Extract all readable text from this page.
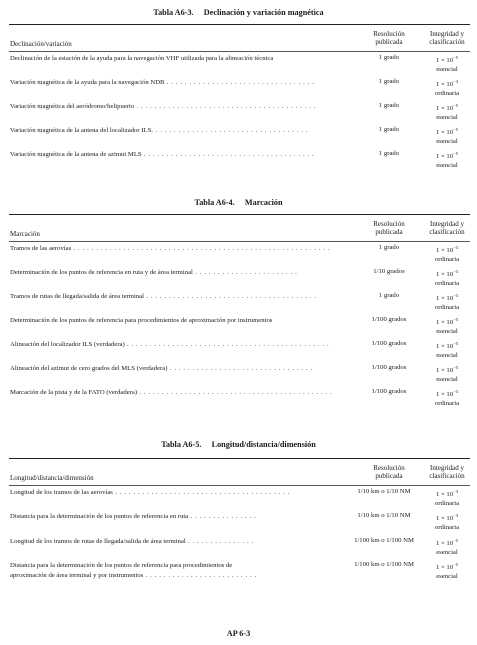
Tabla A6-3.     Declinación y variación magnética
Declinación/variación
Resolución
publicada
Integridad y
clasificación
Declinación de la estación de la ayuda para la navegación VHF utilizada para la alineación técnica	1 grado	$1 \times 10^{-5}$
esencial
Variación magnética de la ayuda para la navegación NDB . . . . . . . . . . . . . . . . . . . . . . . . . . . . . . . . .	1 grado	$1 \times 10^{-3}$
ordinaria
Variación magnética del aeródromo/helipuerto . . . . . . . . . . . . . . . . . . . . . . . . . . . . . . . . . . . . . . . .	1 grado	$1 \times 10^{-5}$
esencial
Variación magnética de la antena del localizador ILS. . . . . . . . . . . . . . . . . . . . . . . . . . . . . . . . . . .	1 grado	$1 \times 10^{-5}$
esencial
Variación magnética de la antena de azimut MLS . . . . . . . . . . . . . . . . . . . . . . . . . . . . . . . . . . . . . .	1 grado	$1 \times 10^{-5}$
esencial
Tabla A6-4.     Marcación
Marcación
Resolución
publicada
Integridad y
clasificación
Tramos de las aerovías . . . . . . . . . . . . . . . . . . . . . . . . . . . . . . . . . . . . . . . . . . . . . . . . . . . . . . . . .	1 grado	$1 \times 10^{-3}$
ordinaria
Determinación de los puntos de referencia en ruta y de área terminal . . . . . . . . . . . . . . . . . . . . . . .	1/10 grados	$1 \times 10^{-3}$
ordinaria
Tramos de rutas de llegada/salida de área terminal . . . . . . . . . . . . . . . . . . . . . . . . . . . . . . . . . . . . . .	1 grado	$1 \times 10^{-3}$
ordinaria
Determinación de los puntos de referencia para procedimientos de aproximación por instrumentos	1/100 grados	$1 \times 10^{-5}$
esencial
Alineación del localizador ILS (verdadera) . . . . . . . . . . . . . . . . . . . . . . . . . . . . . . . . . . . . . . . . . . . . .	1/100 grados	$1 \times 10^{-5}$
esencial
Alineación del azimut de cero grados del MLS (verdadera) . . . . . . . . . . . . . . . . . . . . . . . . . . . . . . . .	1/100 grados	$1 \times 10^{-5}$
esencial
Marcación de la pista y de la FATO (verdadera) . . . . . . . . . . . . . . . . . . . . . . . . . . . . . . . . . . . . . . . . . . .	1/100 grados	$1 \times 10^{-3}$
ordinaria
Tabla A6-5.     Longitud/distancia/dimensión
Longitud/distancia/dimensión
Resolución
publicada
Integridad y
clasificación
Longitud de los tramos de las aerovías . . . . . . . . . . . . . . . . . . . . . . . . . . . . . . . . . . . . . . .	1/10 km o 1/10 NM	$1 \times 10^{-3}$
ordinaria
Distancia para la determinación de los puntos de referencia en ruta . . . . . . . . . . . . . . .	1/10 km o 1/10 NM	$1 \times 10^{-3}$
ordinaria
Longitud de los tramos de rutas de llegada/salida de área terminal . . . . . . . . . . . . . . .	1/100 km o 1/100 NM	$1 \times 10^{-5}$
esencial
Distancia para la determinación de los puntos de referencia para procedimientos de
aproximación de área terminal y por instrumentos . . . . . . . . . . . . . . . . . . . . . . . . .
1/100 km o 1/100 NM	$1 \times 10^{-5}$
esencial
AP 6-3
